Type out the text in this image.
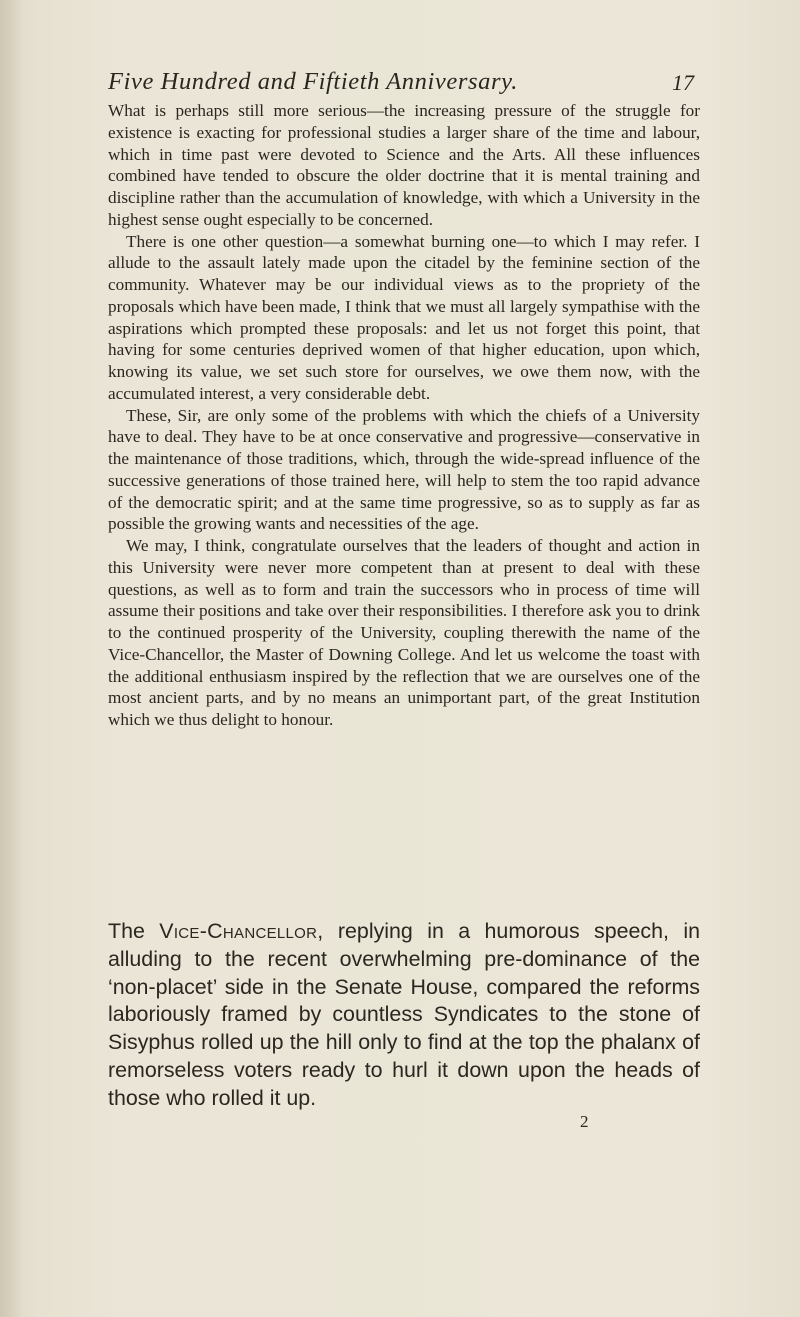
Five Hundred and Fiftieth Anniversary.	17

What is perhaps still more serious—the increasing pressure of the struggle for existence is exacting for professional studies a larger share of the time and labour, which in time past were devoted to Science and the Arts. All these influences combined have tended to obscure the older doctrine that it is mental training and discipline rather than the accumulation of knowledge, with which a University in the highest sense ought especially to be concerned.

There is one other question—a somewhat burning one—to which I may refer. I allude to the assault lately made upon the citadel by the feminine section of the community. Whatever may be our individual views as to the propriety of the proposals which have been made, I think that we must all largely sympathise with the aspirations which prompted these proposals: and let us not forget this point, that having for some centuries deprived women of that higher education, upon which, knowing its value, we set such store for ourselves, we owe them now, with the accumulated interest, a very considerable debt.

These, Sir, are only some of the problems with which the chiefs of a University have to deal. They have to be at once conservative and progressive—conservative in the maintenance of those traditions, which, through the wide-spread influence of the successive generations of those trained here, will help to stem the too rapid advance of the democratic spirit; and at the same time progressive, so as to supply as far as possible the growing wants and necessities of the age.

We may, I think, congratulate ourselves that the leaders of thought and action in this University were never more competent than at present to deal with these questions, as well as to form and train the successors who in process of time will assume their positions and take over their responsibilities. I therefore ask you to drink to the continued prosperity of the University, coupling therewith the name of the Vice-Chancellor, the Master of Downing College. And let us welcome the toast with the additional enthusiasm inspired by the reflection that we are ourselves one of the most ancient parts, and by no means an unimportant part, of the great Institution which we thus delight to honour.

The Vice-Chancellor, replying in a humorous speech, in alluding to the recent overwhelming pre-dominance of the ‘non-placet’ side in the Senate House, compared the reforms laboriously framed by countless Syndicates to the stone of Sisyphus rolled up the hill only to find at the top the phalanx of remorseless voters ready to hurl it down upon the heads of those who rolled it up.

2
